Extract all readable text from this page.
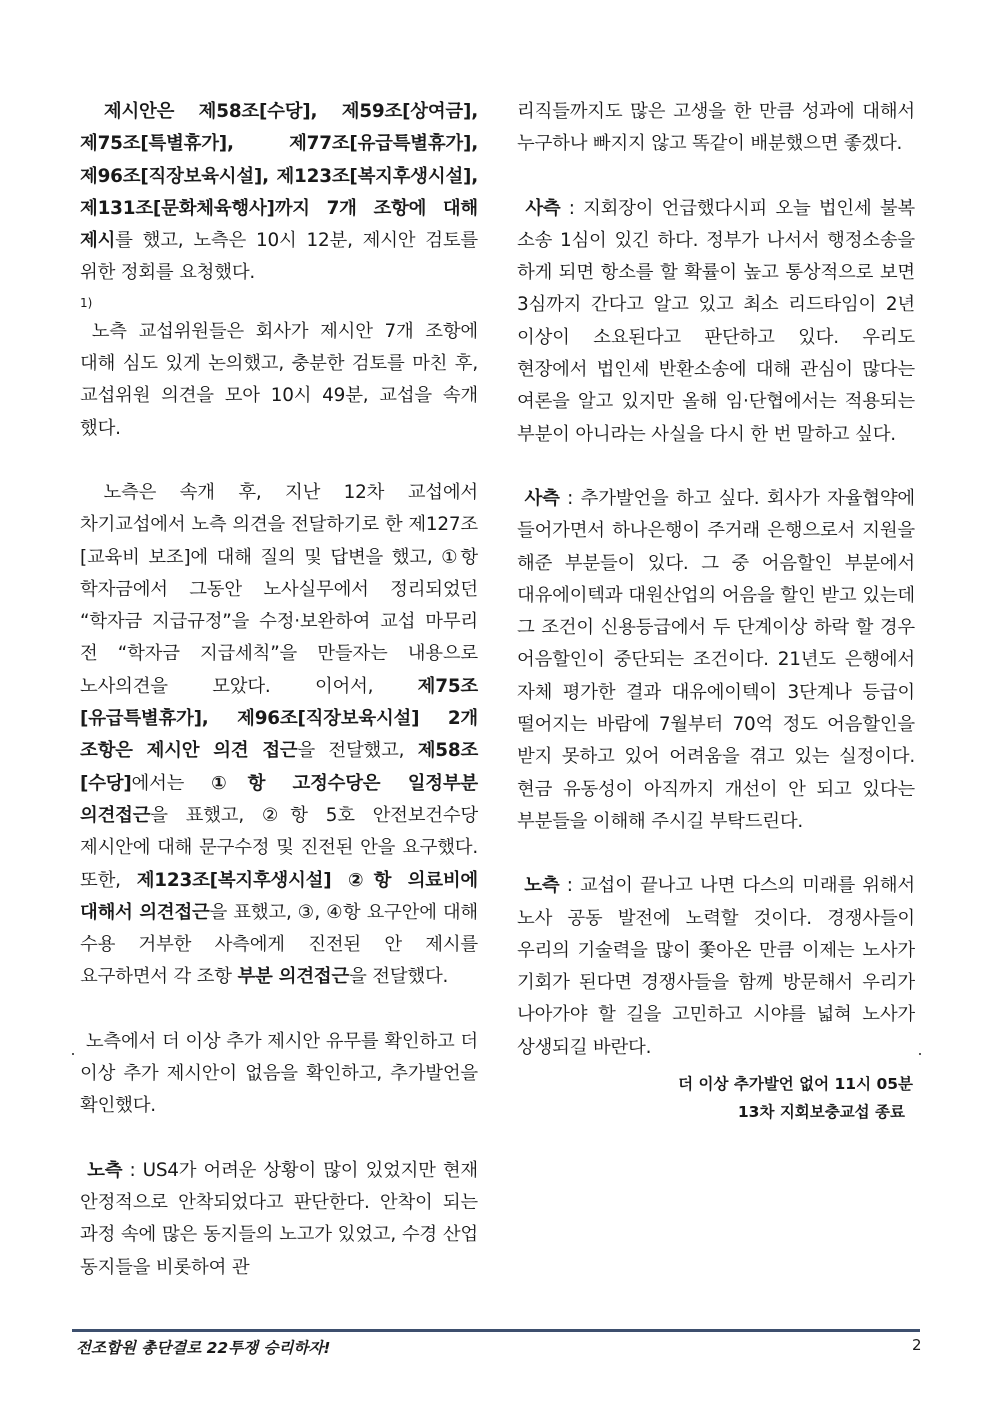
제시안은 제58조[수당], 제59조[상여금], 제75조[특별휴가], 제77조[유급특별휴가], 제96조[직장보육시설], 제123조[복지후생시설], 제131조[문화체육행사]까지 7개 조항에 대해 제시를 했고, 노측은 10시 12분, 제시안 검토를 위한 정회를 요청했다.

1)

노측 교섭위원들은 회사가 제시안 7개 조항에 대해 심도 있게 논의했고, 충분한 검토를 마친 후, 교섭위원 의견을 모아 10시 49분, 교섭을 속개 했다.

노측은 속개 후, 지난 12차 교섭에서 차기교섭에서 노측 의견을 전달하기로 한 제127조[교육비 보조]에 대해 질의 및 답변을 했고, ①항 학자금에서 그동안 노사실무에서 정리되었던 “학자금 지급규정”을 수정·보완하여 교섭 마무리 전 “학자금 지급세칙”을 만들자는 내용으로 노사의견을 모았다. 이어서, 제75조[유급특별휴가], 제96조[직장보육시설] 2개 조항은 제시안 의견 접근을 전달했고, 제58조[수당]에서는 ①항 고정수당은 일정부분 의견접근을 표했고, ②항 5호 안전보건수당 제시안에 대해 문구수정 및 진전된 안을 요구했다. 또한, 제123조[복지후생시설] ②항 의료비에 대해서 의견접근을 표했고, ③, ④항 요구안에 대해 수용 거부한 사측에게 진전된 안 제시를 요구하면서 각 조항 부분 의견접근을 전달했다.

노측에서 더 이상 추가 제시안 유무를 확인하고 더 이상 추가 제시안이 없음을 확인하고, 추가발언을 확인했다.

노측 : US4가 어려운 상황이 많이 있었지만 현재 안정적으로 안착되었다고 판단한다. 안착이 되는 과정 속에 많은 동지들의 노고가 있었고, 수경 산업 동지들을 비롯하여 관

리직들까지도 많은 고생을 한 만큼 성과에 대해서 누구하나 빠지지 않고 똑같이 배분했으면 좋겠다.

사측 : 지회장이 언급했다시피 오늘 법인세 불복 소송 1심이 있긴 하다. 정부가 나서서 행정소송을 하게 되면 항소를 할 확률이 높고 통상적으로 보면 3심까지 간다고 알고 있고 최소 리드타임이 2년 이상이 소요된다고 판단하고 있다. 우리도 현장에서 법인세 반환소송에 대해 관심이 많다는 여론을 알고 있지만 올해 임·단협에서는 적용되는 부분이 아니라는 사실을 다시 한 번 말하고 싶다.

사측 : 추가발언을 하고 싶다. 회사가 자율협약에 들어가면서 하나은행이 주거래 은행으로서 지원을 해준 부분들이 있다. 그 중 어음할인 부분에서 대유에이텍과 대원산업의 어음을 할인 받고 있는데 그 조건이 신용등급에서 두 단계이상 하락 할 경우 어음할인이 중단되는 조건이다. 21년도 은행에서 자체 평가한 결과 대유에이텍이 3단계나 등급이 떨어지는 바람에 7월부터 70억 정도 어음할인을 받지 못하고 있어 어려움을 겪고 있는 실정이다. 현금 유동성이 아직까지 개선이 안 되고 있다는 부분들을 이해해 주시길 부탁드린다.

노측 : 교섭이 끝나고 나면 다스의 미래를 위해서 노사 공동 발전에 노력할 것이다. 경쟁사들이 우리의 기술력을 많이 쫓아온 만큼 이제는 노사가 기회가 된다면 경쟁사들을 함께 방문해서 우리가 나아가야 할 길을 고민하고 시야를 넓혀 노사가 상생되길 바란다.

더 이상 추가발언 없어 11시 05분
13차 지회보충교섭 종료
전조합원 총단결로 22투쟁 승리하자!	2
